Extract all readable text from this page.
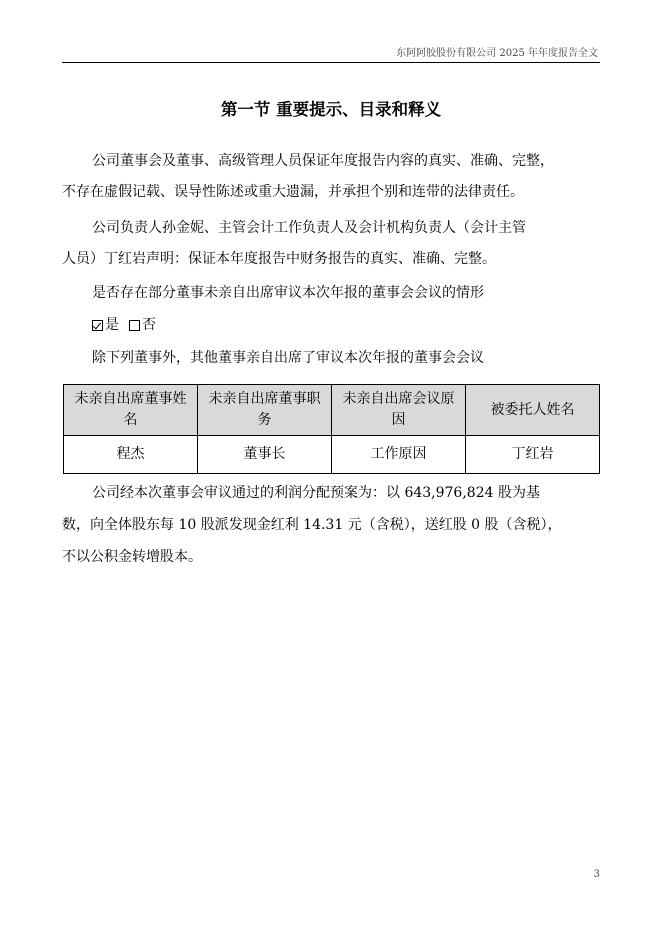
东阿阿胶股份有限公司 2025 年年度报告全文
第一节 重要提示、目录和释义
公司董事会及董事、高级管理人员保证年度报告内容的真实、准确、完整，
不存在虚假记载、误导性陈述或重大遗漏，并承担个别和连带的法律责任。
公司负责人孙金妮、主管会计工作负责人及会计机构负责人（会计主管
人员）丁红岩声明：保证本年度报告中财务报告的真实、准确、完整。
是否存在部分董事未亲自出席审议本次年报的董事会会议的情形
是 否
除下列董事外，其他董事亲自出席了审议本次年报的董事会会议
未亲自出席董事姓名	未亲自出席董事职务	未亲自出席会议原因	被委托人姓名
程杰	董事长	工作原因	丁红岩
公司经本次董事会审议通过的利润分配预案为：以 643,976,824 股为基
数，向全体股东每 10 股派发现金红利 14.31 元（含税），送红股 0 股（含税），
不以公积金转增股本。
3
